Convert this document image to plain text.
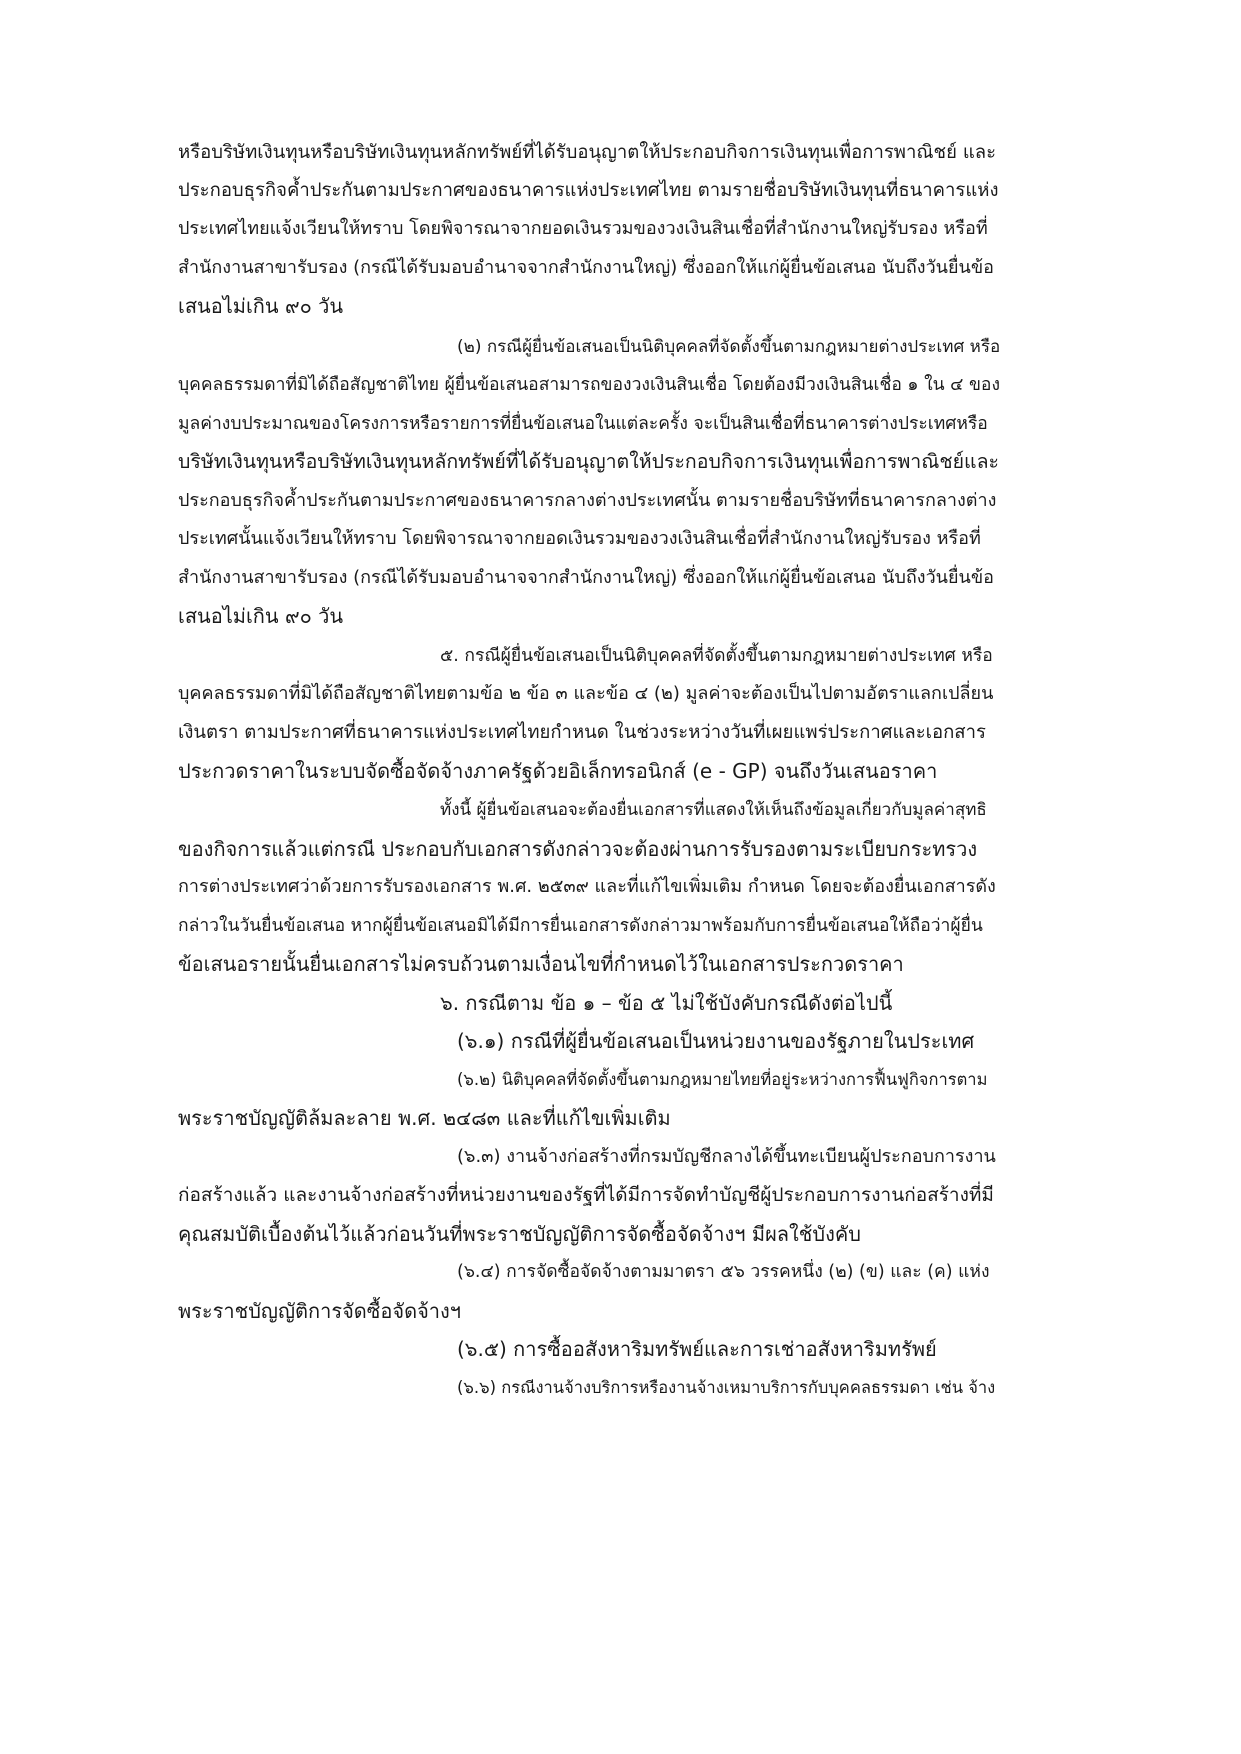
หรือบริษัทเงินทุนหรือบริษัทเงินทุนหลักทรัพย์ที่ได้รับอนุญาตให้ประกอบกิจการเงินทุนเพื่อการพาณิชย์ และ
ประกอบธุรกิจค้ำประกันตามประกาศของธนาคารแห่งประเทศไทย ตามรายชื่อบริษัทเงินทุนที่ธนาคารแห่ง
ประเทศไทยแจ้งเวียนให้ทราบ โดยพิจารณาจากยอดเงินรวมของวงเงินสินเชื่อที่สำนักงานใหญ่รับรอง หรือที่
สำนักงานสาขารับรอง (กรณีได้รับมอบอำนาจจากสำนักงานใหญ่) ซึ่งออกให้แก่ผู้ยื่นข้อเสนอ นับถึงวันยื่นข้อ
เสนอไม่เกิน ๙๐ วัน
(๒) กรณีผู้ยื่นข้อเสนอเป็นนิติบุคคลที่จัดตั้งขึ้นตามกฎหมายต่างประเทศ หรือ
บุคคลธรรมดาที่มิได้ถือสัญชาติไทย ผู้ยื่นข้อเสนอสามารถของวงเงินสินเชื่อ โดยต้องมีวงเงินสินเชื่อ ๑ ใน ๔ ของ
มูลค่างบประมาณของโครงการหรือรายการที่ยื่นข้อเสนอในแต่ละครั้ง จะเป็นสินเชื่อที่ธนาคารต่างประเทศหรือ
บริษัทเงินทุนหรือบริษัทเงินทุนหลักทรัพย์ที่ได้รับอนุญาตให้ประกอบกิจการเงินทุนเพื่อการพาณิชย์และ
ประกอบธุรกิจค้ำประกันตามประกาศของธนาคารกลางต่างประเทศนั้น ตามรายชื่อบริษัทที่ธนาคารกลางต่าง
ประเทศนั้นแจ้งเวียนให้ทราบ โดยพิจารณาจากยอดเงินรวมของวงเงินสินเชื่อที่สำนักงานใหญ่รับรอง หรือที่
สำนักงานสาขารับรอง (กรณีได้รับมอบอำนาจจากสำนักงานใหญ่) ซึ่งออกให้แก่ผู้ยื่นข้อเสนอ นับถึงวันยื่นข้อ
เสนอไม่เกิน ๙๐ วัน
๕. กรณีผู้ยื่นข้อเสนอเป็นนิติบุคคลที่จัดตั้งขึ้นตามกฎหมายต่างประเทศ หรือ
บุคคลธรรมดาที่มิได้ถือสัญชาติไทยตามข้อ ๒ ข้อ ๓ และข้อ ๔ (๒) มูลค่าจะต้องเป็นไปตามอัตราแลกเปลี่ยน
เงินตรา ตามประกาศที่ธนาคารแห่งประเทศไทยกำหนด ในช่วงระหว่างวันที่เผยแพร่ประกาศและเอกสาร
ประกวดราคาในระบบจัดซื้อจัดจ้างภาครัฐด้วยอิเล็กทรอนิกส์ (e - GP) จนถึงวันเสนอราคา
ทั้งนี้ ผู้ยื่นข้อเสนอจะต้องยื่นเอกสารที่แสดงให้เห็นถึงข้อมูลเกี่ยวกับมูลค่าสุทธิ
ของกิจการแล้วแต่กรณี ประกอบกับเอกสารดังกล่าวจะต้องผ่านการรับรองตามระเบียบกระทรวง
การต่างประเทศว่าด้วยการรับรองเอกสาร พ.ศ. ๒๕๓๙ และที่แก้ไขเพิ่มเติม กำหนด โดยจะต้องยื่นเอกสารดัง
กล่าวในวันยื่นข้อเสนอ หากผู้ยื่นข้อเสนอมิได้มีการยื่นเอกสารดังกล่าวมาพร้อมกับการยื่นข้อเสนอให้ถือว่าผู้ยื่น
ข้อเสนอรายนั้นยื่นเอกสารไม่ครบถ้วนตามเงื่อนไขที่กำหนดไว้ในเอกสารประกวดราคา
๖. กรณีตาม ข้อ ๑ – ข้อ ๕ ไม่ใช้บังคับกรณีดังต่อไปนี้
(๖.๑) กรณีที่ผู้ยื่นข้อเสนอเป็นหน่วยงานของรัฐภายในประเทศ
(๖.๒) นิติบุคคลที่จัดตั้งขึ้นตามกฎหมายไทยที่อยู่ระหว่างการฟื้นฟูกิจการตาม
พระราชบัญญัติล้มละลาย พ.ศ. ๒๔๘๓ และที่แก้ไขเพิ่มเติม
(๖.๓) งานจ้างก่อสร้างที่กรมบัญชีกลางได้ขึ้นทะเบียนผู้ประกอบการงาน
ก่อสร้างแล้ว และงานจ้างก่อสร้างที่หน่วยงานของรัฐที่ได้มีการจัดทำบัญชีผู้ประกอบการงานก่อสร้างที่มี
คุณสมบัติเบื้องต้นไว้แล้วก่อนวันที่พระราชบัญญัติการจัดซื้อจัดจ้างฯ มีผลใช้บังคับ
(๖.๔) การจัดซื้อจัดจ้างตามมาตรา ๕๖ วรรคหนึ่ง (๒) (ข) และ (ค) แห่ง
พระราชบัญญัติการจัดซื้อจัดจ้างฯ
(๖.๕) การซื้ออสังหาริมทรัพย์และการเช่าอสังหาริมทรัพย์
(๖.๖) กรณีงานจ้างบริการหรืองานจ้างเหมาบริการกับบุคคลธรรมดา เช่น จ้าง
